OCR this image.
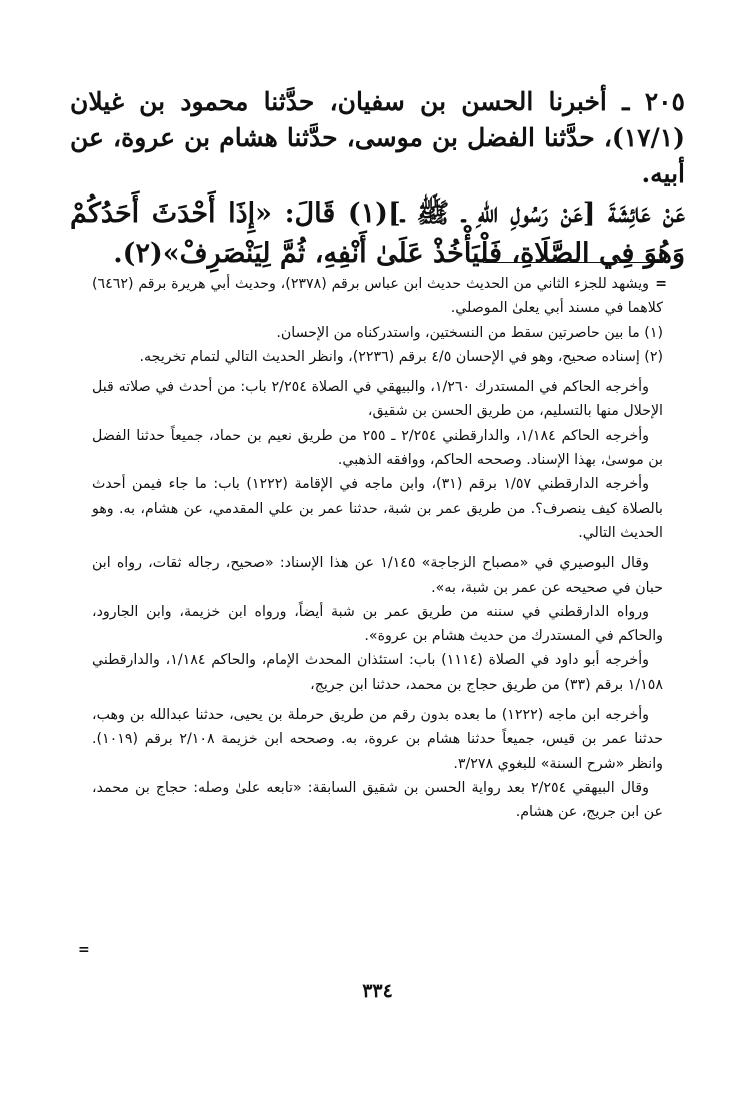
٢٠٥ ـ أخبرنا الحسن بن سفيان، حدَّثنا محمود بن غيلان (١٧/١)، حدَّثنا الفضل بن موسى، حدَّثنا هشام بن عروة، عن أبيه.

عَنْ عَائِشَةَ [عَنْ رَسُولِ اللهِ ـ ﷺ ـ](١) قَالَ: «إِذَا أَحْدَثَ أَحَدُكُمْ وَهُوَ فِي الصَّلَاةِ، فَلْيَأْخُذْ عَلَىٰ أَنْفِهِ، ثُمَّ لِيَنْصَرِفْ»(٢).

=

ويشهد للجزء الثاني من الحديث حديث ابن عباس برقم (٢٣٧٨)، وحديث أبي هريرة برقم (٦٤٦٢) كلاهما في مسند أبي يعلىٰ الموصلي.

(١) ما بين حاصرتين سقط من النسختين، واستدركناه من الإحسان.

(٢) إسناده صحيح، وهو في الإحسان ٤/٥ برقم (٢٢٣٦)، وانظر الحديث التالي لتمام تخريجه.

وأخرجه الحاكم في المستدرك ١/٢٦٠، والبيهقي في الصلاة ٢/٢٥٤ باب: من أحدث في صلاته قبل الإحلال منها بالتسليم، من طريق الحسن بن شقيق،

وأخرجه الحاكم ١/١٨٤، والدارقطني ٢/٢٥٤ ـ ٢٥٥ من طريق نعيم بن حماد، جميعاً حدثنا الفضل بن موسىٰ، بهذا الإسناد. وصححه الحاكم، ووافقه الذهبي.

وأخرجه الدارقطني ١/٥٧ برقم (٣١)، وابن ماجه في الإقامة (١٢٢٢) باب: ما جاء فيمن أحدث بالصلاة كيف ينصرف؟. من طريق عمر بن شبة، حدثنا عمر بن علي المقدمي، عن هشام، به. وهو الحديث التالي.

وقال البوصيري في «مصباح الزجاجة» ١/١٤٥ عن هذا الإسناد: «صحيح، رجاله ثقات، رواه ابن حبان في صحيحه عن عمر بن شبة، به».

ورواه الدارقطني في سننه من طريق عمر بن شبة أيضاً، ورواه ابن خزيمة، وابن الجارود، والحاكم في المستدرك من حديث هشام بن عروة».

وأخرجه أبو داود في الصلاة (١١١٤) باب: استئذان المحدث الإمام، والحاكم ١/١٨٤، والدارقطني ١/١٥٨ برقم (٣٣) من طريق حجاج بن محمد، حدثنا ابن جريج،

وأخرجه ابن ماجه (١٢٢٢) ما بعده بدون رقم من طريق حرملة بن يحيى، حدثنا عبدالله بن وهب، حدثنا عمر بن قيس، جميعاً حدثنا هشام بن عروة، به. وصححه ابن خزيمة ٢/١٠٨ برقم (١٠١٩). وانظر «شرح السنة» للبغوي ٣/٢٧٨.

وقال البيهقي ٢/٢٥٤ بعد رواية الحسن بن شقيق السابقة: «تابعه علىٰ وصله: حجاج بن محمد، عن ابن جريج، عن هشام.

=
٣٣٤
